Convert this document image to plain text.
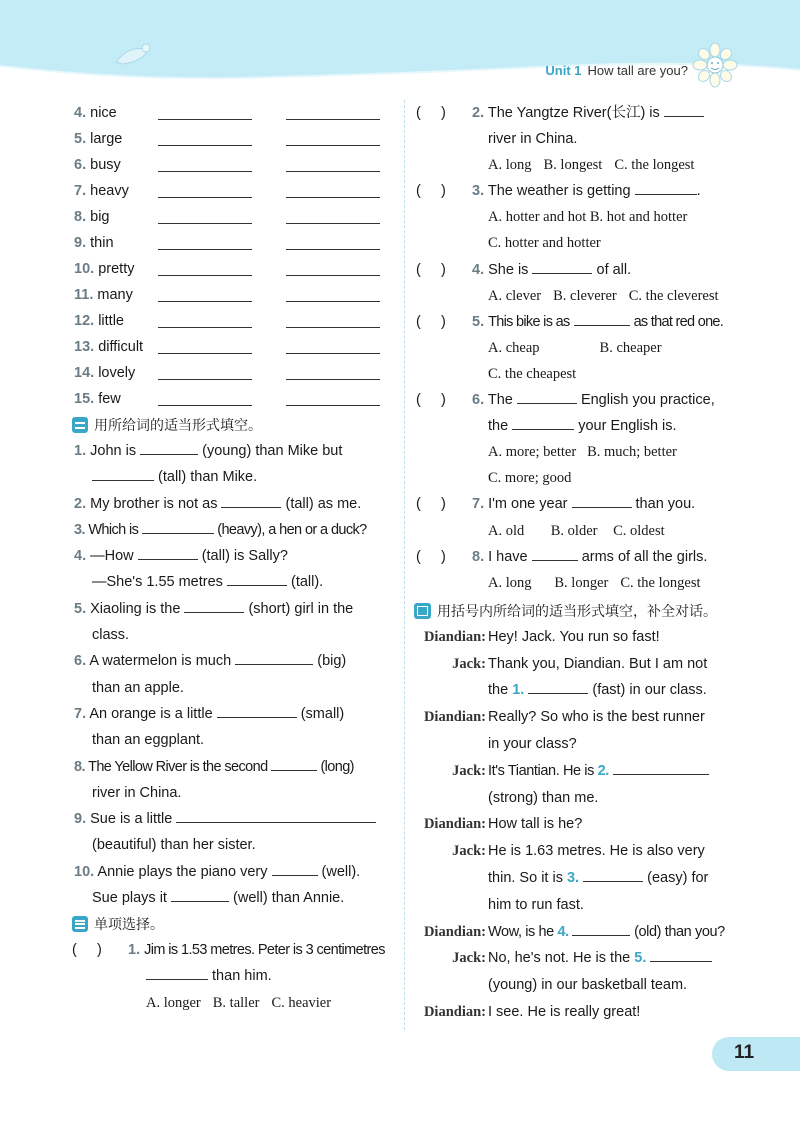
Unit 1 How tall are you?
4. nice
5. large
6. busy
7. heavy
8. big
9. thin
10. pretty
11. many
12. little
13. difficult
14. lovely
15. few
用所给词的适当形式填空。
1. John is	(young) than Mike but
(tall) than Mike.
2. My brother is not as	(tall) as me.
3. Which is	(heavy), a hen or a duck?
4. —How	(tall) is Sally?
—She's 1.55 metres	(tall).
5. Xiaoling is the	(short) girl in the
class.
6. A watermelon is much	(big)
than an apple.
7. An orange is a little	(small)
than an eggplant.
8. The Yellow River is the second	(long)
river in China.
9. Sue is a little
(beautiful) than her sister.
10. Annie plays the piano very	(well).
Sue plays it	(well) than Annie.
单项选择。
(     ) 1. Jim is 1.53 metres. Peter is 3 centimetres
than him.
A. longer B. taller C. heavier
(     ) 2. The Yangtze River(长江) is
river in China.
A. long B. longest C. the longest
(     ) 3. The weather is getting	.
A. hotter and hot B. hot and hotter
C. hotter and hotter
(     ) 4. She is	of all.
A. clever B. cleverer C. the cleverest
(     ) 5. This bike is as	as that red one.
A. cheap	B. cheaper
C. the cheapest
(     ) 6. The	English you practice,
the	your English is.
A. more; better B. much; better
C. more; good
(     ) 7. I'm one year	than you.
A. old B. older C. oldest
(     ) 8. I have	arms of all the girls.
A. long B. longer C. the longest
用括号内所给词的适当形式填空，补全对话。
Diandian: Hey! Jack. You run so fast!
Jack: Thank you, Diandian. But I am not
the 1.	(fast) in our class.
Diandian: Really? So who is the best runner
in your class?
Jack: It's Tiantian. He is 2.
(strong) than me.
Diandian: How tall is he?
Jack: He is 1.63 metres. He is also very
thin. So it is 3.	(easy) for
him to run fast.
Diandian: Wow, is he 4.	(old) than you?
Jack: No, he's not. He is the 5.
(young) in our basketball team.
Diandian: I see. He is really great!
11
